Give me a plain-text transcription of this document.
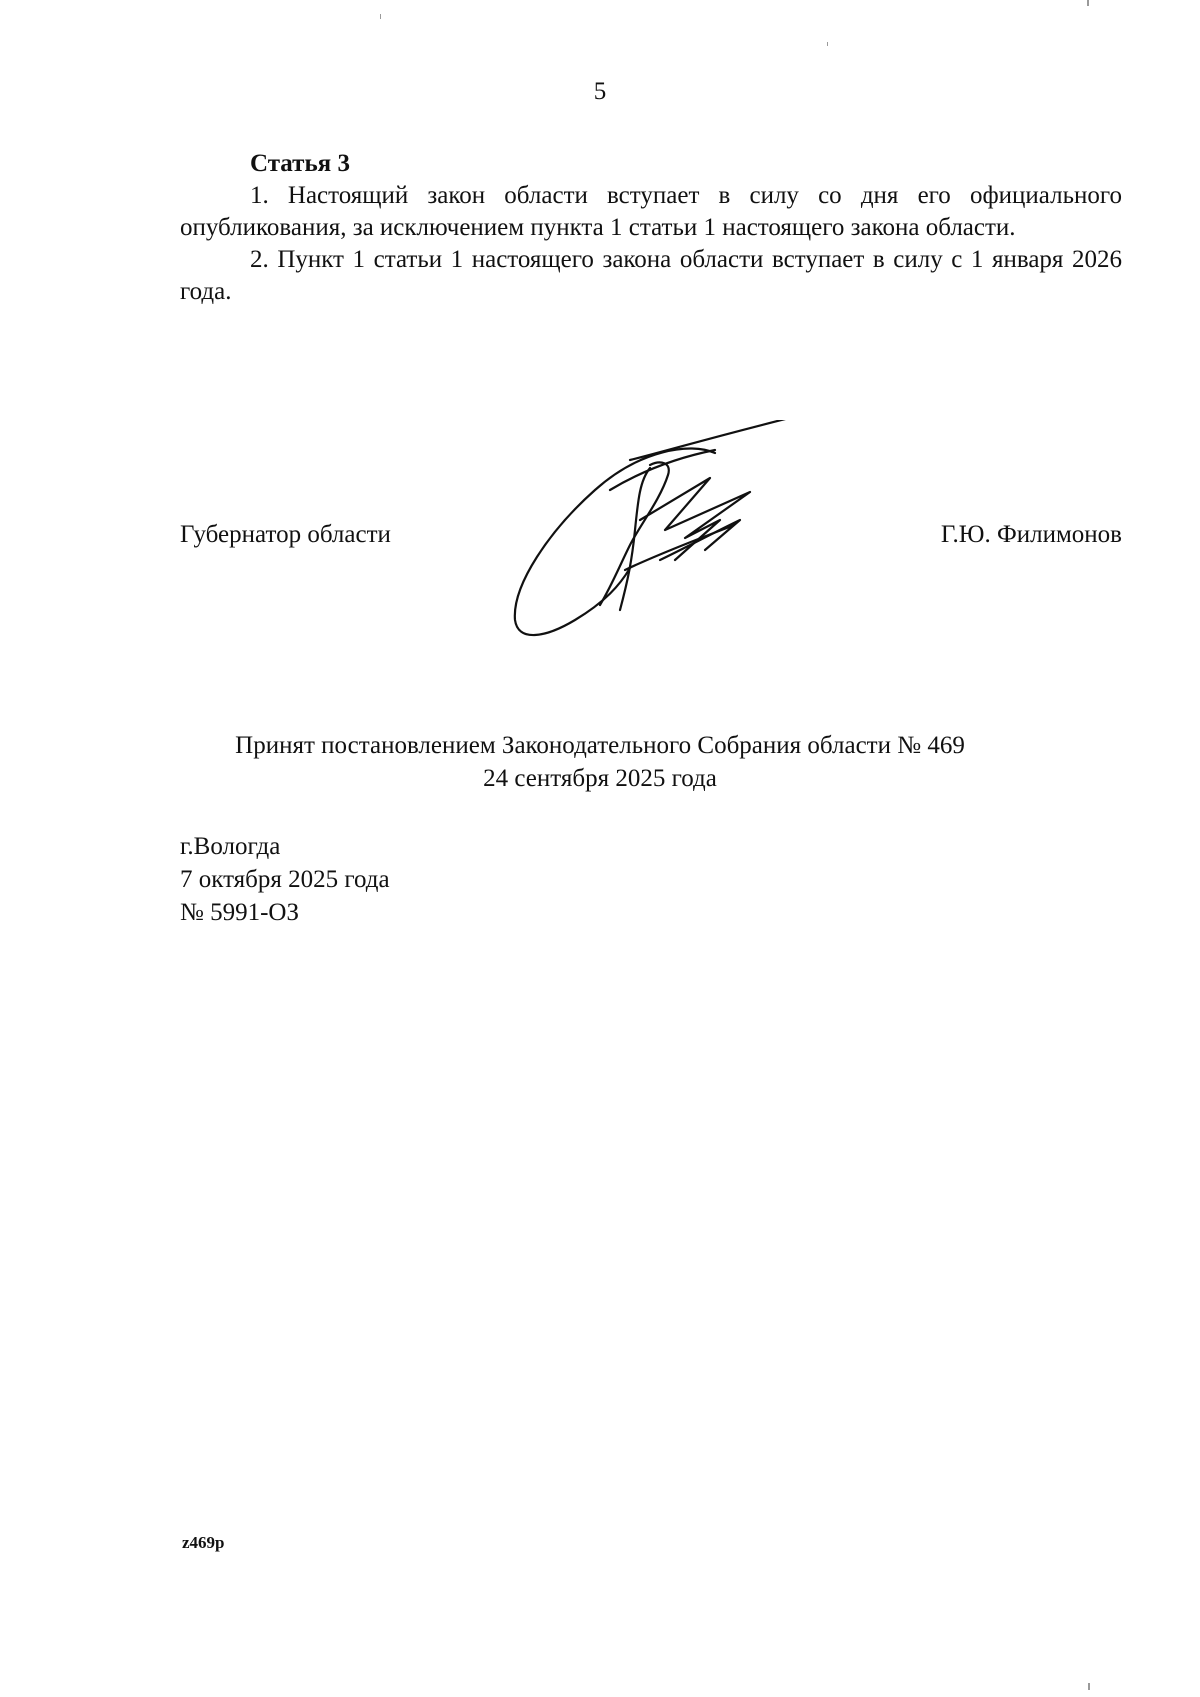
5

Статья 3

1. Настоящий закон области вступает в силу со дня его официального опубликования, за исключением пункта 1 статьи 1 настоящего закона области.

2. Пункт 1 статьи 1 настоящего закона области вступает в силу с 1 января 2026 года.

Губернатор области	Г.Ю. Филимонов
Принят постановлением Законодательного Собрания области № 469
24 сентября 2025 года
г.Вологда
7 октября 2025 года
№ 5991-ОЗ
z469р
